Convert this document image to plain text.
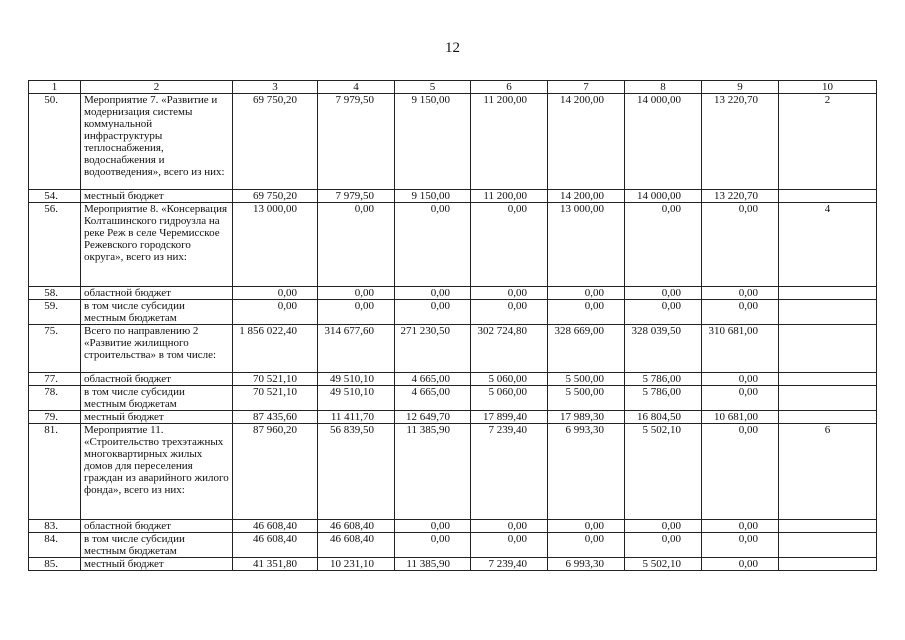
12
1	2	3	4	5	6	7	8	9	10
50.	Мероприятие 7. «Развитие и модернизация системы коммунальной инфраструктуры теплоснабжения, водоснабжения и водоотведения», всего из них:	69 750,20	7 979,50	9 150,00	11 200,00	14 200,00	14 000,00	13 220,70	2
54.	местный бюджет	69 750,20	7 979,50	9 150,00	11 200,00	14 200,00	14 000,00	13 220,70	
56.	Мероприятие 8. «Консервация Колташинского гидроузла на реке Реж в селе Черемисское Режевского городского округа», всего из них:	13 000,00	0,00	0,00	0,00	13 000,00	0,00	0,00	4
58.	областной бюджет	0,00	0,00	0,00	0,00	0,00	0,00	0,00	
59.	в том числе субсидии местным бюджетам	0,00	0,00	0,00	0,00	0,00	0,00	0,00	
75.	Всего по направлению 2 «Развитие жилищного строительства» в том числе:	1 856 022,40	314 677,60	271 230,50	302 724,80	328 669,00	328 039,50	310 681,00	
77.	областной бюджет	70 521,10	49 510,10	4 665,00	5 060,00	5 500,00	5 786,00	0,00	
78.	в том числе субсидии местным бюджетам	70 521,10	49 510,10	4 665,00	5 060,00	5 500,00	5 786,00	0,00	
79.	местный бюджет	87 435,60	11 411,70	12 649,70	17 899,40	17 989,30	16 804,50	10 681,00	
81.	Мероприятие 11. «Строительство трехэтажных многоквартирных жилых домов для переселения граждан из аварийного жилого фонда», всего из них:	87 960,20	56 839,50	11 385,90	7 239,40	6 993,30	5 502,10	0,00	6
83.	областной бюджет	46 608,40	46 608,40	0,00	0,00	0,00	0,00	0,00	
84.	в том числе субсидии местным бюджетам	46 608,40	46 608,40	0,00	0,00	0,00	0,00	0,00	
85.	местный бюджет	41 351,80	10 231,10	11 385,90	7 239,40	6 993,30	5 502,10	0,00	
